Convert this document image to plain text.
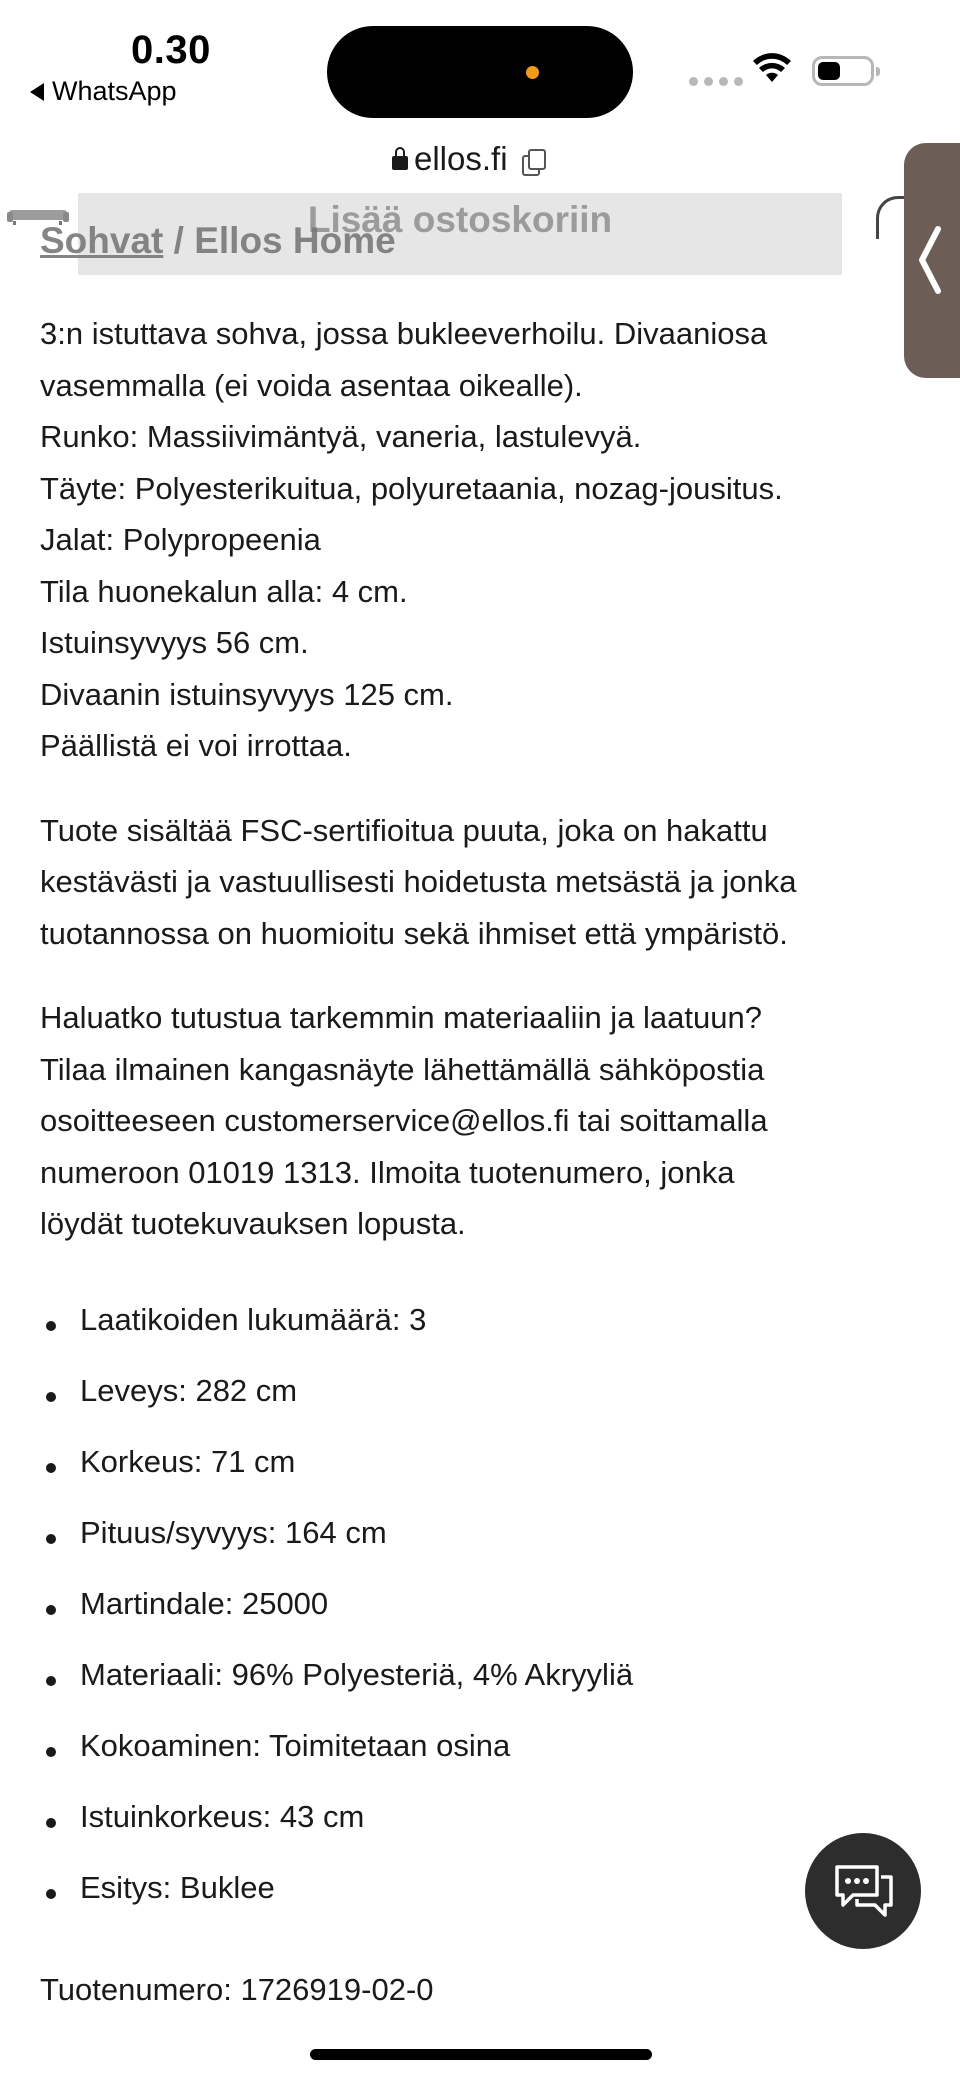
0.30
WhatsApp
ellos.fi
Lisää ostoskoriin
Sohvat / Ellos Home

3:n istuttava sohva, jossa bukleeverhoilu. Divaaniosa
vasemmalla (ei voida asentaa oikealle).
Runko: Massiivimäntyä, vaneria, lastulevyä.
Täyte: Polyesterikuitua, polyuretaania, nozag-jousitus.
Jalat: Polypropeenia
Tila huonekalun alla: 4 cm.
Istuinsyvyys 56 cm.
Divaanin istuinsyvyys 125 cm.
Päällistä ei voi irrottaa.

Tuote sisältää FSC-sertifioitua puuta, joka on hakattu
kestävästi ja vastuullisesti hoidetusta metsästä ja jonka
tuotannossa on huomioitu sekä ihmiset että ympäristö.

Haluatko tutustua tarkemmin materiaaliin ja laatuun?
Tilaa ilmainen kangasnäyte lähettämällä sähköpostia
osoitteeseen customerservice@ellos.fi tai soittamalla
numeroon 01019 1313. Ilmoita tuotenumero, jonka
löydät tuotekuvauksen lopusta.

Laatikoiden lukumäärä: 3
Leveys: 282 cm
Korkeus: 71 cm
Pituus/syvyys: 164 cm
Martindale: 25000
Materiaali: 96% Polyesteriä, 4% Akryyliä
Kokoaminen: Toimitetaan osina
Istuinkorkeus: 43 cm
Esitys: Buklee
Tuotenumero: 1726919-02-0
